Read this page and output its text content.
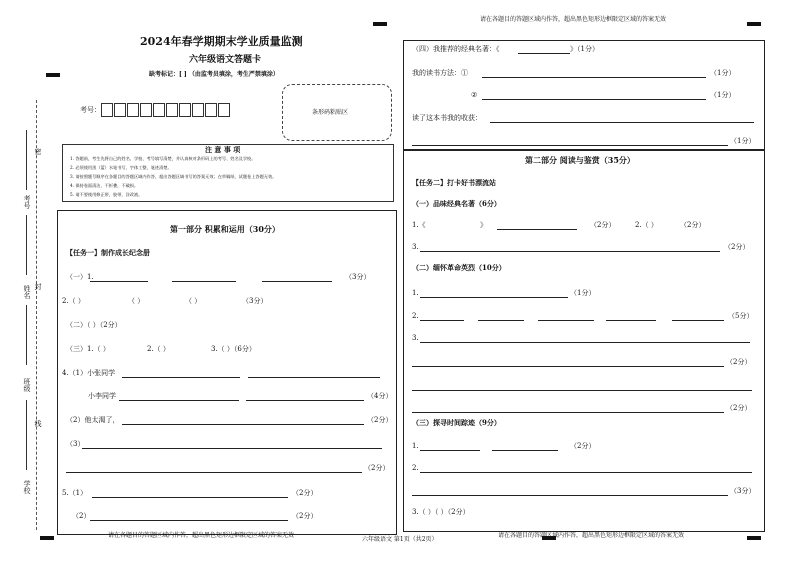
考号
姓名
班级
学校
密
封
线
2024年春学期期末学业质量监测
六年级语文答题卡
缺考标记：[ ] （由监考员填涂，考生严禁填涂）
考号：	条形码粘贴区
注 意 事 项
1. 答题前，考生先将自己的姓名、学校、考号填写清楚，并认真核对条形码上的考号、姓名及学校。
2. 必须使用黑（蓝）水笔书写，字体工整，笔迹清楚。
3. 请按照题号顺序在各题目的答题区域内作答，超出答题区域书写的答案无效；在草稿纸、试题卷上答题无效。
4. 保持卷面清洁，不折叠，不破损。
5. 请不要使用修正带，胶带，涂改液。
第一部分 积累和运用（30分）
【任务一】制作成长纪念册
（一）1.	（3分）
2.（ ）	（ ）	（ ）	（3分）
（二）（ ）（2分）
（三）1.（ ）	2.（ ）	3.（ ）（6分）
4.（1）小张同学
小李同学	（4分）
（2）他太渴了，	（2分）
（3）
（2分）
5.（1）	（2分）
（2）	（2分）
请在各题目的答题区域内作答，超出黑色矩形边框限定区域的答案无效
六年级语文 第1页（共2页）
请在各题目的答题区域内作答，超出黑色矩形边框限定区域的答案无效
（四）我推荐的经典名著：《	》（1分）
我的读书方法：①	（1分）
②	（1分）
读了这本书我的收获：
（1分）
第二部分 阅读与鉴赏（35分）
【任务二】打卡好书漂流站
（一）品味经典名著（6分）
1.《	》	（2分）	2.（ ）	（2分）
3.	（2分）
（二）缅怀革命英烈（10分）
1.	（1分）
2.	（5分）
3.
（2分）
（2分）
（三）探寻时间踪迹（9分）
1.	（2分）
2.
（3分）
3.（ ）（ ）（2分）
请在各题目的答题区域内作答，超出黑色矩形边框限定区域的答案无效
